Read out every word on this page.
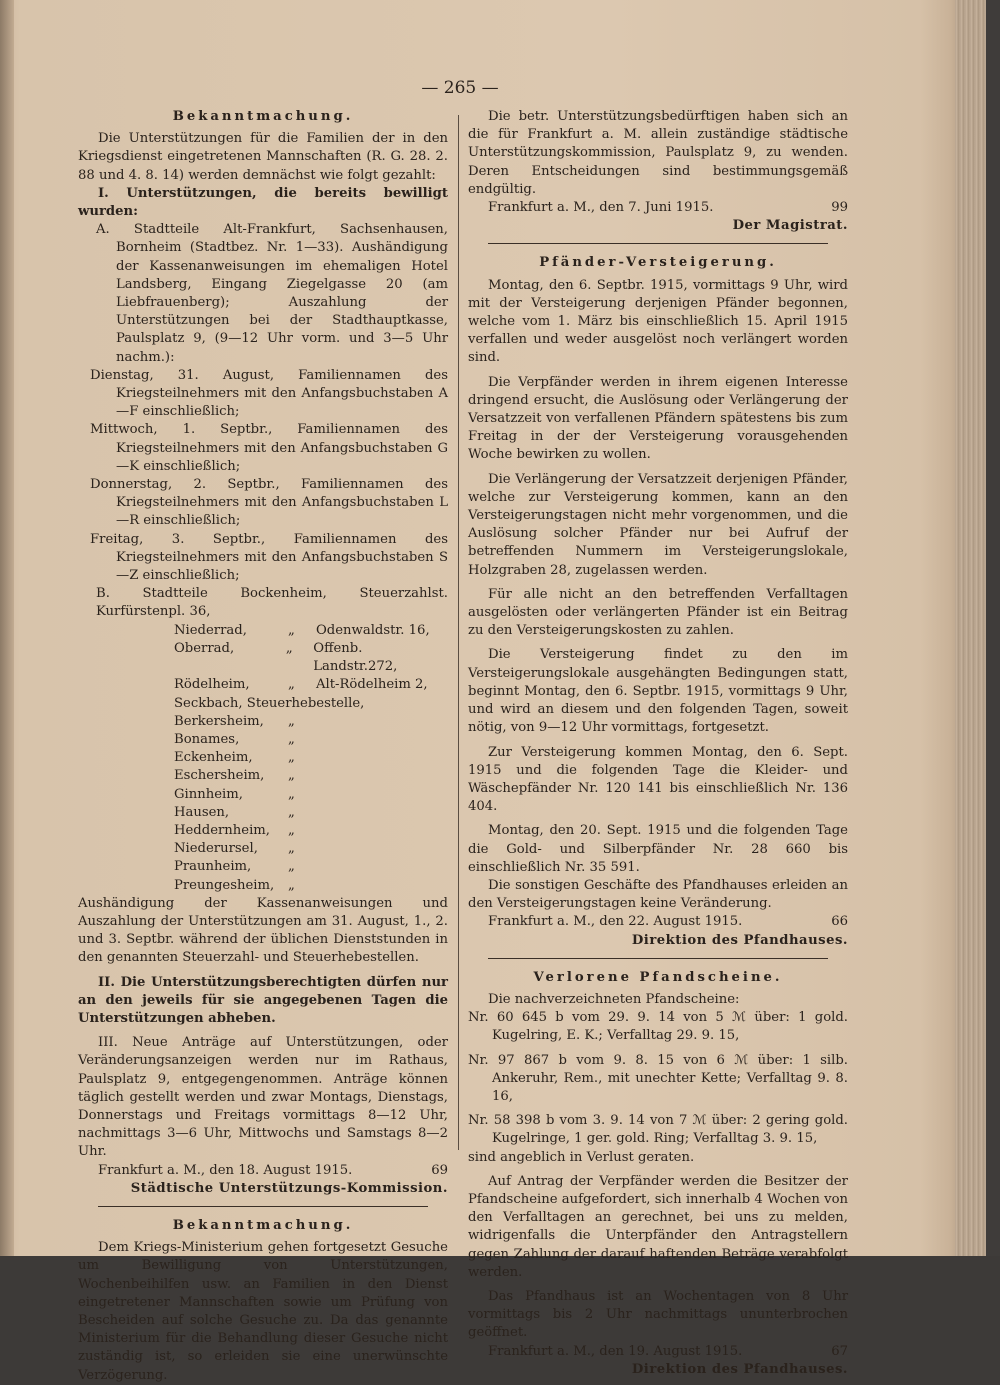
— 265 —
Bekanntmachung.

Die Unterstützungen für die Familien der in den Kriegsdienst eingetretenen Mannschaften (R. G. 28. 2. 88 und 4. 8. 14) werden demnächst wie folgt gezahlt:

I. Unterstützungen, die bereits bewilligt wurden:

A. Stadtteile Alt-Frankfurt, Sachsenhausen, Bornheim (Stadtbez. Nr. 1—33). Aushändigung der Kassenanweisungen im ehemaligen Hotel Landsberg, Eingang Ziegelgasse 20 (am Liebfrauenberg); Auszahlung der Unterstützungen bei der Stadthauptkasse, Paulsplatz 9, (9—12 Uhr vorm. und 3—5 Uhr nachm.):

Dienstag, 31. August, Familiennamen des Kriegsteilnehmers mit den Anfangsbuchstaben A—F einschließlich;

Mittwoch, 1. Septbr., Familiennamen des Kriegsteilnehmers mit den Anfangsbuchstaben G—K einschließlich;

Donnerstag, 2. Septbr., Familiennamen des Kriegsteilnehmers mit den Anfangsbuchstaben L—R einschließlich;

Freitag, 3. Septbr., Familiennamen des Kriegsteilnehmers mit den Anfangsbuchstaben S—Z einschließlich;

B. Stadtteile Bockenheim, Steuerzahlst. Kurfürstenpl. 36,

Niederrad,	„	Odenwaldstr. 16,
Oberrad,	„	Offenb. Landstr.272,
Rödelheim,	„	Alt-Rödelheim 2,
Seckbach, Steuerhebestelle,
Berkersheim,	„
Bonames,	„
Eckenheim,	„
Eschersheim,	„
Ginnheim,	„
Hausen,	„
Heddernheim,	„
Niederursel,	„
Praunheim,	„
Preungesheim,	„

Aushändigung der Kassenanweisungen und Auszahlung der Unterstützungen am 31. August, 1., 2. und 3. Septbr. während der üblichen Dienststunden in den genannten Steuerzahl- und Steuerhebestellen.

II. Die Unterstützungsberechtigten dürfen nur an den jeweils für sie angegebenen Tagen die Unterstützungen abheben.

III. Neue Anträge auf Unterstützungen, oder Veränderungsanzeigen werden nur im Rathaus, Paulsplatz 9, entgegengenommen. Anträge können täglich gestellt werden und zwar Montags, Dienstags, Donnerstags und Freitags vormittags 8—12 Uhr, nachmittags 3—6 Uhr, Mittwochs und Samstags 8—2 Uhr.

Frankfurt a. M., den 18. August 1915.	69

Städtische Unterstützungs-Kommission.

Bekanntmachung.

Dem Kriegs-Ministerium gehen fortgesetzt Gesuche um Bewilligung von Unterstützungen, Wochenbeihilfen usw. an Familien in den Dienst eingetretener Mannschaften sowie um Prüfung von Bescheiden auf solche Gesuche zu. Da das genannte Ministerium für die Behandlung dieser Gesuche nicht zuständig ist, so erleiden sie eine unerwünschte Verzögerung.

Die betr. Unterstützungsbedürftigen haben sich an die für Frankfurt a. M. allein zuständige städtische Unterstützungskommission, Paulsplatz 9, zu wenden. Deren Entscheidungen sind bestimmungsgemäß endgültig.

Frankfurt a. M., den 7. Juni 1915.	99

Der Magistrat.

Pfänder-Versteigerung.

Montag, den 6. Septbr. 1915, vormittags 9 Uhr, wird mit der Versteigerung derjenigen Pfänder begonnen, welche vom 1. März bis einschließlich 15. April 1915 verfallen und weder ausgelöst noch verlängert worden sind.

Die Verpfänder werden in ihrem eigenen Interesse dringend ersucht, die Auslösung oder Verlängerung der Versatzzeit von verfallenen Pfändern spätestens bis zum Freitag in der der Versteigerung vorausgehenden Woche bewirken zu wollen.

Die Verlängerung der Versatzzeit derjenigen Pfänder, welche zur Versteigerung kommen, kann an den Versteigerungstagen nicht mehr vorgenommen, und die Auslösung solcher Pfänder nur bei Aufruf der betreffenden Nummern im Versteigerungslokale, Holzgraben 28, zugelassen werden.

Für alle nicht an den betreffenden Verfalltagen ausgelösten oder verlängerten Pfänder ist ein Beitrag zu den Versteigerungskosten zu zahlen.

Die Versteigerung findet zu den im Versteigerungslokale ausgehängten Bedingungen statt, beginnt Montag, den 6. Septbr. 1915, vormittags 9 Uhr, und wird an diesem und den folgenden Tagen, soweit nötig, von 9—12 Uhr vormittags, fortgesetzt.

Zur Versteigerung kommen Montag, den 6. Sept. 1915 und die folgenden Tage die Kleider- und Wäschepfänder Nr. 120 141 bis einschließlich Nr. 136 404.

Montag, den 20. Sept. 1915 und die folgenden Tage die Gold- und Silberpfänder Nr. 28 660 bis einschließlich Nr. 35 591.

Die sonstigen Geschäfte des Pfandhauses erleiden an den Versteigerungstagen keine Veränderung.

Frankfurt a. M., den 22. August 1915.	66

Direktion des Pfandhauses.

Verlorene Pfandscheine.

Die nachverzeichneten Pfandscheine:

Nr. 60 645 b vom 29. 9. 14 von 5 ℳ über: 1 gold. Kugelring, E. K.; Verfalltag 29. 9. 15,

Nr. 97 867 b vom 9. 8. 15 von 6 ℳ über: 1 silb. Ankeruhr, Rem., mit unechter Kette; Verfalltag 9. 8. 16,

Nr. 58 398 b vom 3. 9. 14 von 7 ℳ über: 2 gering gold. Kugelringe, 1 ger. gold. Ring; Verfalltag 3. 9. 15,

sind angeblich in Verlust geraten.

Auf Antrag der Verpfänder werden die Besitzer der Pfandscheine aufgefordert, sich innerhalb 4 Wochen von den Verfalltagen an gerechnet, bei uns zu melden, widrigenfalls die Unterpfänder den Antragstellern gegen Zahlung der darauf haftenden Beträge verabfolgt werden.

Das Pfandhaus ist an Wochentagen von 8 Uhr vormittags bis 2 Uhr nachmittags ununterbrochen geöffnet.

Frankfurt a. M., den 19. August 1915.	67

Direktion des Pfandhauses.
